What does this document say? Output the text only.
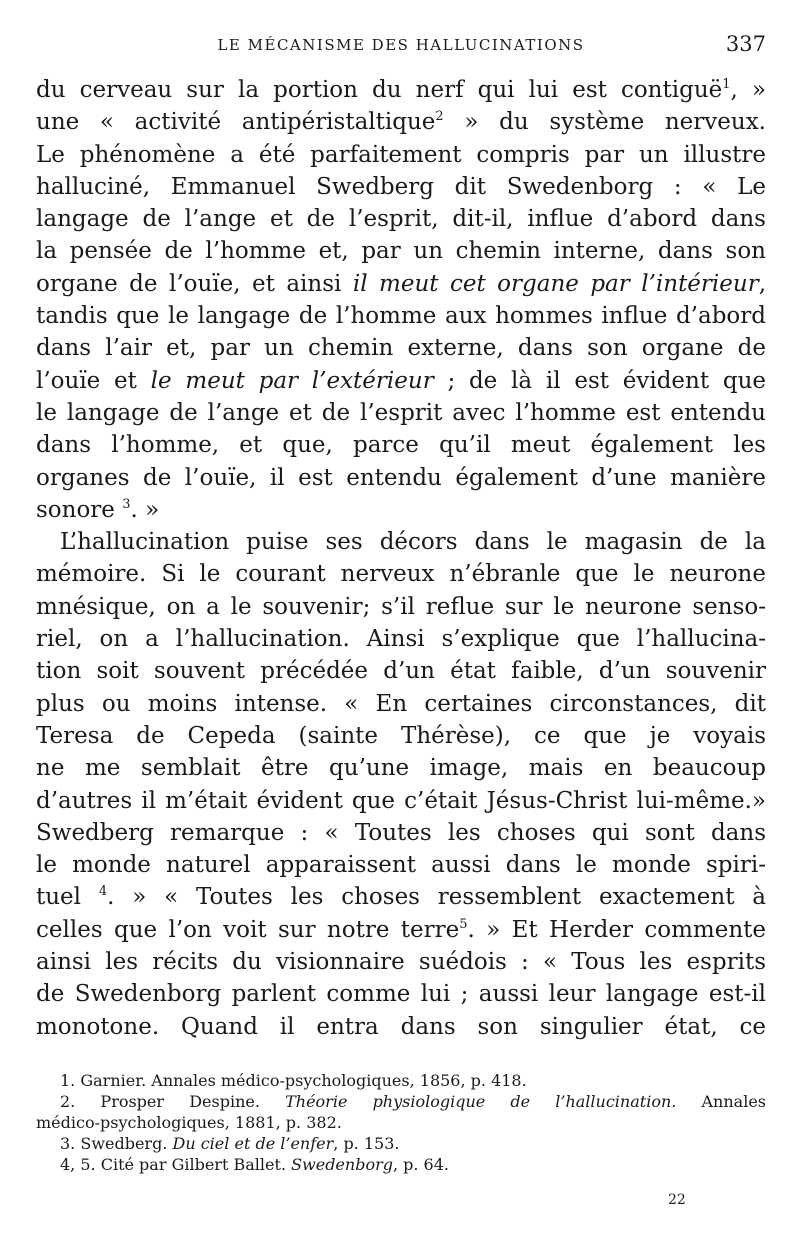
LE MÉCANISME DES HALLUCINATIONS	337
du cerveau sur la portion du nerf qui lui est contiguë$^1$, »
une « activité antipéristaltique$^2$ » du système nerveux.
Le phénomène a été parfaitement compris par un illustre
halluciné, Emmanuel Swedberg dit Swedenborg : « Le
langage de l’ange et de l’esprit, dit-il, influe d’abord dans
la pensée de l’homme et, par un chemin interne, dans son
organe de l’ouïe, et ainsi il meut cet organe par l’intérieur,
tandis que le langage de l’homme aux hommes influe d’abord
dans l’air et, par un chemin externe, dans son organe de
l’ouïe et le meut par l’extérieur ; de là il est évident que
le langage de l’ange et de l’esprit avec l’homme est entendu
dans l’homme, et que, parce qu’il meut également les
organes de l’ouïe, il est entendu également d’une manière
sonore $^3$. »
L’hallucination puise ses décors dans le magasin de la
mémoire. Si le courant nerveux n’ébranle que le neurone
mnésique, on a le souvenir; s’il reflue sur le neurone senso-
riel, on a l’hallucination. Ainsi s’explique que l’hallucina-
tion soit souvent précédée d’un état faible, d’un souvenir
plus ou moins intense. « En certaines circonstances, dit
Teresa de Cepeda (sainte Thérèse), ce que je voyais
ne me semblait être qu’une image, mais en beaucoup
d’autres il m’était évident que c’était Jésus-Christ lui-même.»
Swedberg remarque : « Toutes les choses qui sont dans
le monde naturel apparaissent aussi dans le monde spiri-
tuel $^4$. » « Toutes les choses ressemblent exactement à
celles que l’on voit sur notre terre$^5$. » Et Herder commente
ainsi les récits du visionnaire suédois : « Tous les esprits
de Swedenborg parlent comme lui ; aussi leur langage est-il
monotone. Quand il entra dans son singulier état, ce
1. Garnier. Annales médico-psychologiques, 1856, p. 418.
2. Prosper Despine. Théorie physiologique de l’hallucination. Annales
médico-psychologiques, 1881, p. 382.
3. Swedberg. Du ciel et de l’enfer, p. 153.
4, 5. Cité par Gilbert Ballet. Swedenborg, p. 64.
22
